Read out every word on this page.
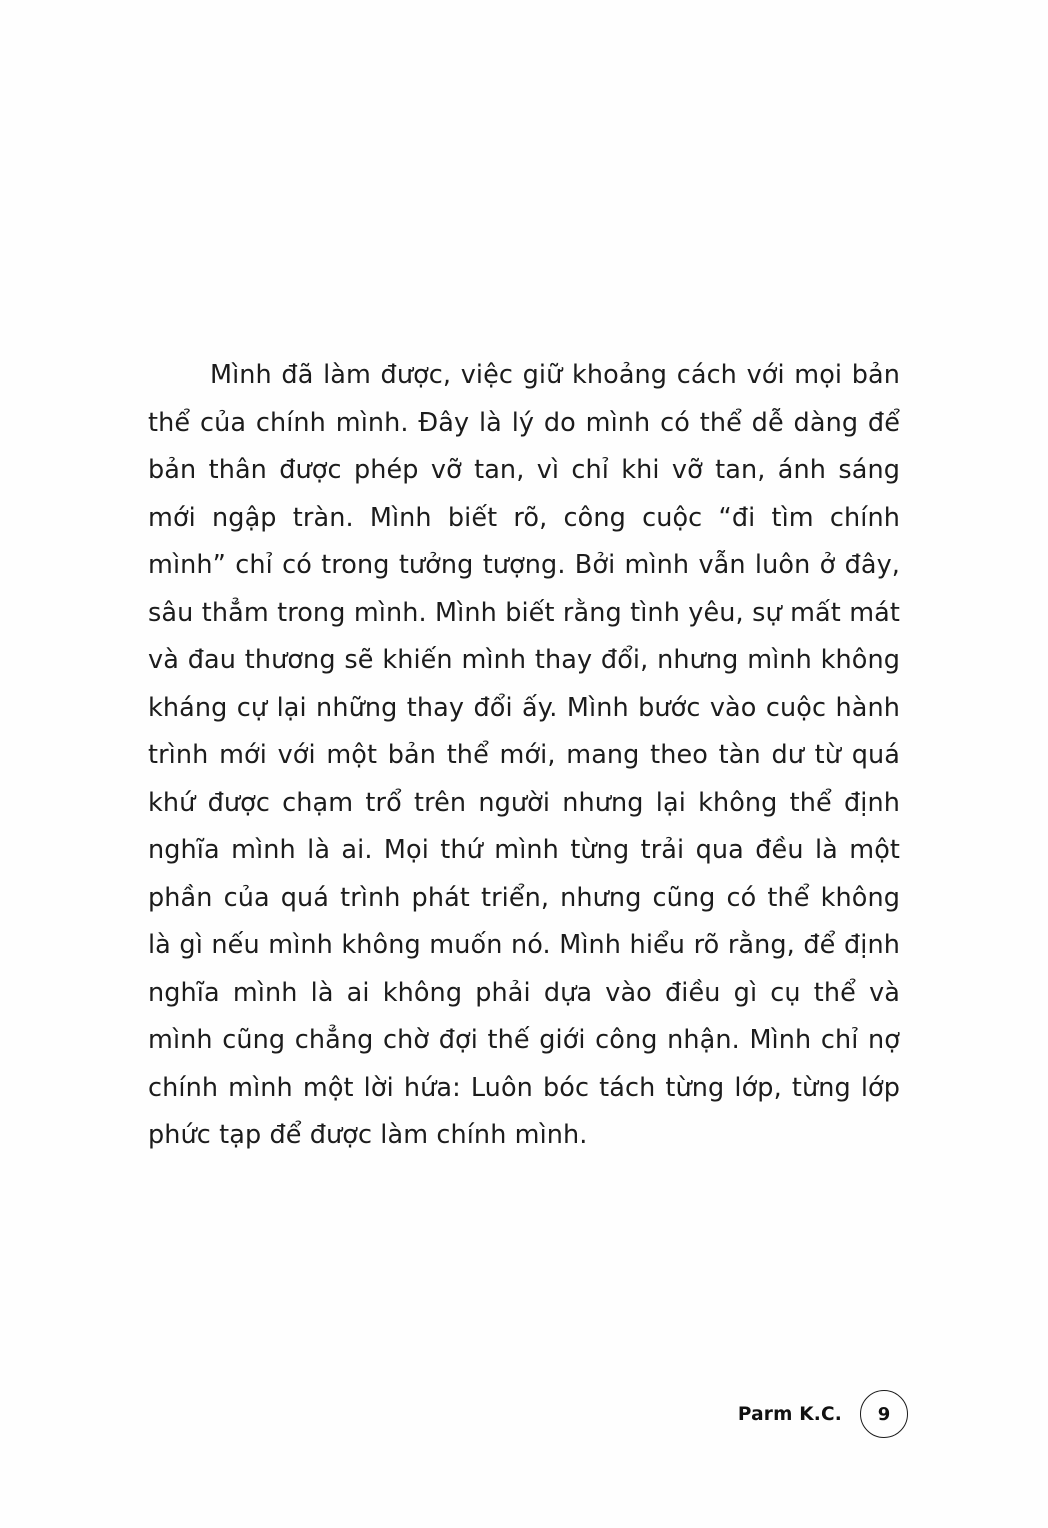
Mình đã làm được, việc giữ khoảng cách với mọi bản thể của chính mình. Đây là lý do mình có thể dễ dàng để bản thân được phép vỡ tan, vì chỉ khi vỡ tan, ánh sáng mới ngập tràn. Mình biết rõ, công cuộc “đi tìm chính mình” chỉ có trong tưởng tượng. Bởi mình vẫn luôn ở đây, sâu thẳm trong mình. Mình biết rằng tình yêu, sự mất mát và đau thương sẽ khiến mình thay đổi, nhưng mình không kháng cự lại những thay đổi ấy. Mình bước vào cuộc hành trình mới với một bản thể mới, mang theo tàn dư từ quá khứ được chạm trổ trên người nhưng lại không thể định nghĩa mình là ai. Mọi thứ mình từng trải qua đều là một phần của quá trình phát triển, nhưng cũng có thể không là gì nếu mình không muốn nó. Mình hiểu rõ rằng, để định nghĩa mình là ai không phải dựa vào điều gì cụ thể và mình cũng chẳng chờ đợi thế giới công nhận. Mình chỉ nợ chính mình một lời hứa: Luôn bóc tách từng lớp, từng lớp phức tạp để được làm chính mình.

Parm K.C.	9
